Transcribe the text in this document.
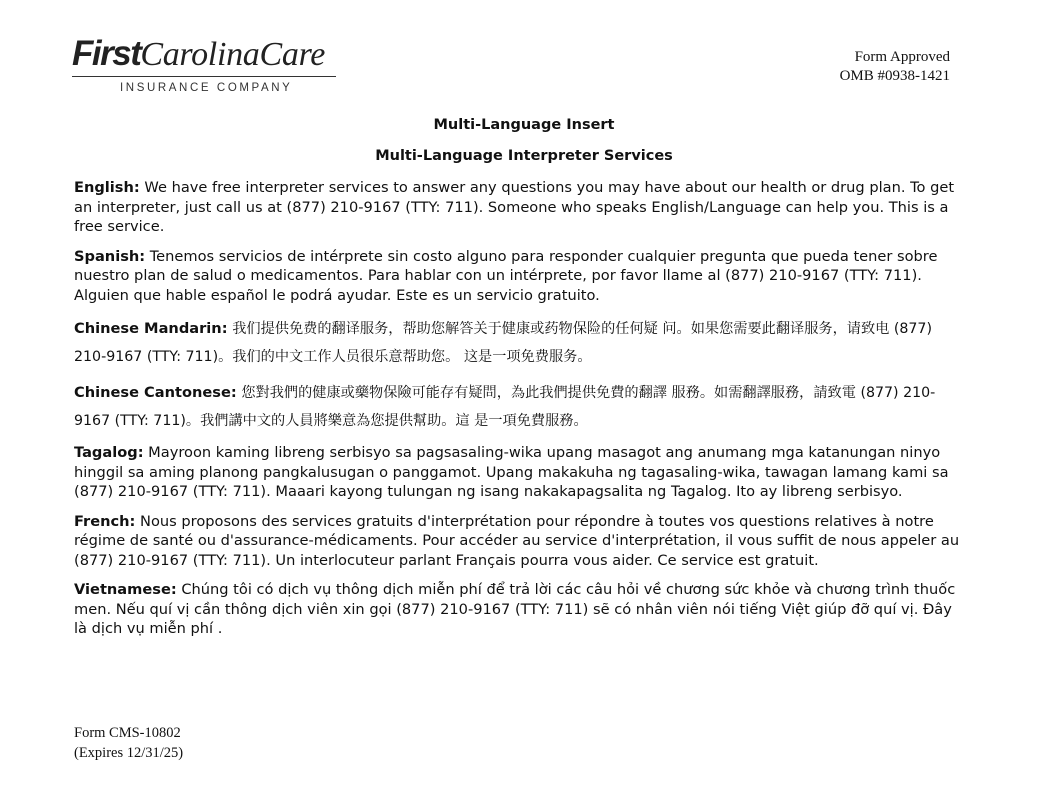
First CarolinaCare
INSURANCE COMPANY
Form Approved
OMB #0938-1421
Multi-Language Insert
Multi-Language Interpreter Services

English: We have free interpreter services to answer any questions you may have about our health or drug plan. To get an interpreter, just call us at (877) 210-9167 (TTY: 711). Someone who speaks English/Language can help you. This is a free service.

Spanish: Tenemos servicios de intérprete sin costo alguno para responder cualquier pregunta que pueda tener sobre nuestro plan de salud o medicamentos. Para hablar con un intérprete, por favor llame al (877) 210-9167 (TTY: 711). Alguien que hable español le podrá ayudar. Este es un servicio gratuito.

Chinese Mandarin: 我们提供免费的翻译服务，帮助您解答关于健康或药物保险的任何疑 问。如果您需要此翻译服务，请致电 (877) 210-9167 (TTY: 711)。我们的中文工作人员很乐意帮助您。 这是一项免费服务。

Chinese Cantonese: 您對我們的健康或藥物保險可能存有疑問，為此我們提供免費的翻譯 服務。如需翻譯服務，請致電 (877) 210-9167 (TTY: 711)。我們講中文的人員將樂意為您提供幫助。這 是一項免費服務。

Tagalog: Mayroon kaming libreng serbisyo sa pagsasaling-wika upang masagot ang anumang mga katanungan ninyo hinggil sa aming planong pangkalusugan o panggamot. Upang makakuha ng tagasaling-wika, tawagan lamang kami sa (877) 210-9167 (TTY: 711). Maaari kayong tulungan ng isang nakakapagsalita ng Tagalog. Ito ay libreng serbisyo.

French: Nous proposons des services gratuits d'interprétation pour répondre à toutes vos questions relatives à notre régime de santé ou d'assurance-médicaments. Pour accéder au service d'interprétation, il vous suffit de nous appeler au (877) 210-9167 (TTY: 711). Un interlocuteur parlant Français pourra vous aider. Ce service est gratuit.

Vietnamese: Chúng tôi có dịch vụ thông dịch miễn phí để trả lời các câu hỏi về chương sức khỏe và chương trình thuốc men. Nếu quí vị cần thông dịch viên xin gọi (877) 210-9167 (TTY: 711) sẽ có nhân viên nói tiếng Việt giúp đỡ quí vị. Đây là dịch vụ miễn phí .

Form CMS-10802
(Expires 12/31/25)
